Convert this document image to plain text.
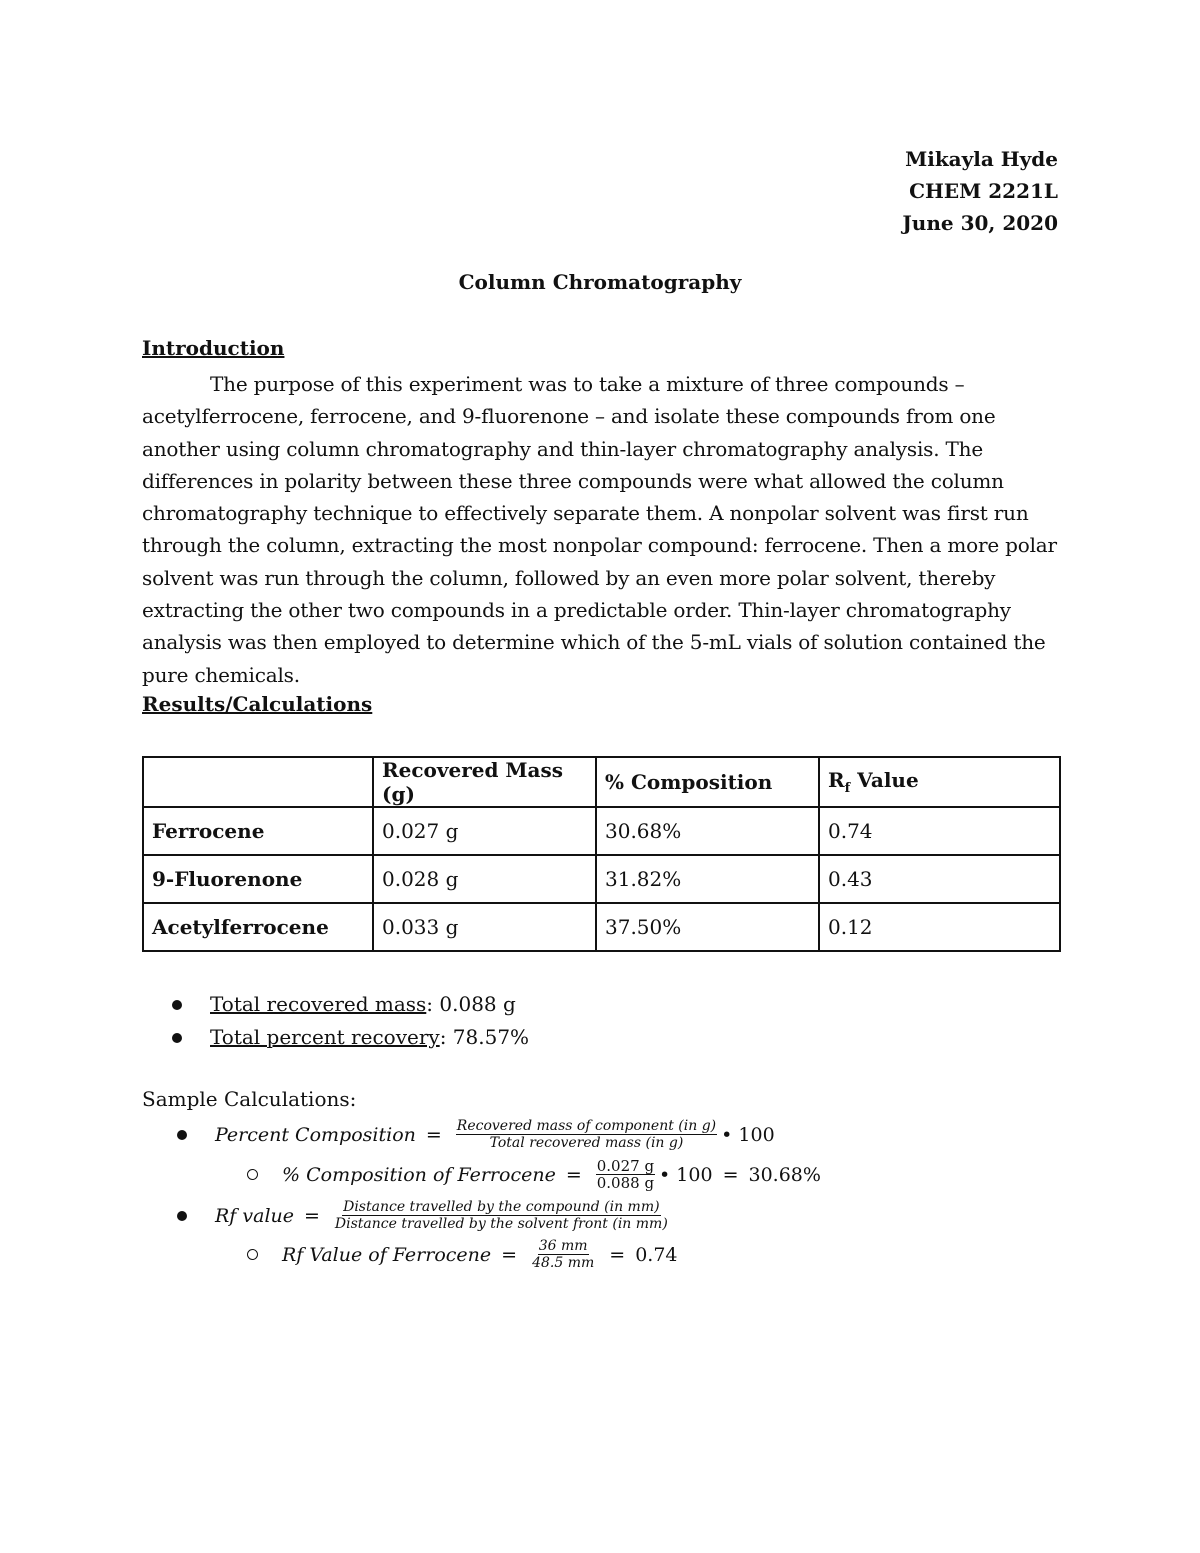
Mikayla Hyde
CHEM 2221L
June 30, 2020
Column Chromatography
Introduction

The purpose of this experiment was to take a mixture of three compounds – acetylferrocene, ferrocene, and 9-fluorenone – and isolate these compounds from one another using column chromatography and thin-layer chromatography analysis. The differences in polarity between these three compounds were what allowed the column chromatography technique to effectively separate them. A nonpolar solvent was first run through the column, extracting the most nonpolar compound: ferrocene. Then a more polar solvent was run through the column, followed by an even more polar solvent, thereby extracting the other two compounds in a predictable order. Thin-layer chromatography analysis was then employed to determine which of the 5-mL vials of solution contained the pure chemicals.

Results/Calculations
	Recovered Mass (g)	% Composition	$R_f$ Value
Ferrocene	0.027 g	30.68%	0.74
9-Fluorenone	0.028 g	31.82%	0.43
Acetylferrocene	0.033 g	37.50%	0.12
Total recovered mass : 0.088 g
Total percent recovery : 78.57%
Sample Calculations:
Percent Composition = $\frac{\text{Recovered mass of component (in g)}}{\text{Total recovered mass (in g)}}$ • 100
% Composition of Ferrocene = $\frac{0.027 g}{0.088 g}$ • 100 = 30.68%
Rf value = $\frac{\text{Distance travelled by the compound (in mm)}}{\text{Distance travelled by the solvent front (in mm)}}$
Rf Value of Ferrocene = $\frac{36 mm}{48.5 mm} = 0.74$
